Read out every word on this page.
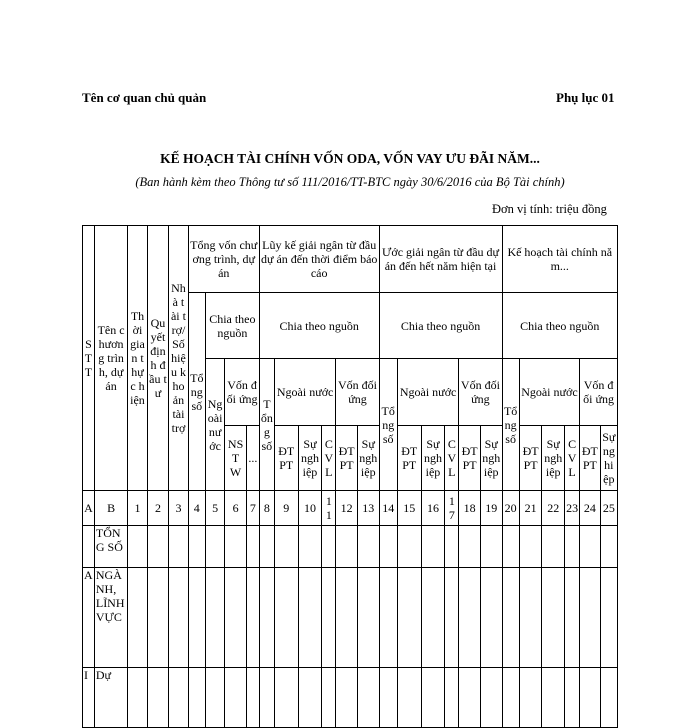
Tên cơ quan chủ quản	Phụ lục 01
KẾ HOẠCH TÀI CHÍNH VỐN ODA, VỐN VAY ƯU ĐÃI NĂM...
(Ban hành kèm theo Thông tư số 111/2016/TT-BTC ngày 30/6/2016 của Bộ Tài chính)
Đơn vị tính: triệu đồng
STT	Tên chương trình, dự án	Thời gian thực hiện	Quyết định đầu tư	Nhà tài trợ/ Số hiệu khoản tài trợ	Tổng vốn chương trình, dự án				Lũy kế giải ngân từ đầu dự án đến thời điểm báo cáo						Ước giải ngân từ đầu dự án đến hết năm hiện tại						Kế hoạch tài chính năm...					
					Tổng số	Chia theo nguồn			Chia theo nguồn						Chia theo nguồn						Chia theo nguồn					
						Ngoài nước	Vốn đối ứng		Tổng số	Ngoài nước			Vốn đối ứng		Tổng số	Ngoài nước			Vốn đối ứng		Tổng số	Ngoài nước			Vốn đối ứng	
							NSTW	...		ĐT PT	Sự nghiệp	CVL	ĐT PT	Sự nghiệp		ĐT PT	Sự nghiệp	CVL	ĐT PT	Sự nghiệp		ĐT PT	Sự nghiệp	CVL	ĐT PT	Sự nghiệp
A	B	1	2	3	4	5	6	7	8	9	10	11	12	13	14	15	16	17	18	19	20	21	22	23	24	25
	TỔNG SỐ																									
A	NGÀNH, LĨNH VỰC																									
I	Dự																									
